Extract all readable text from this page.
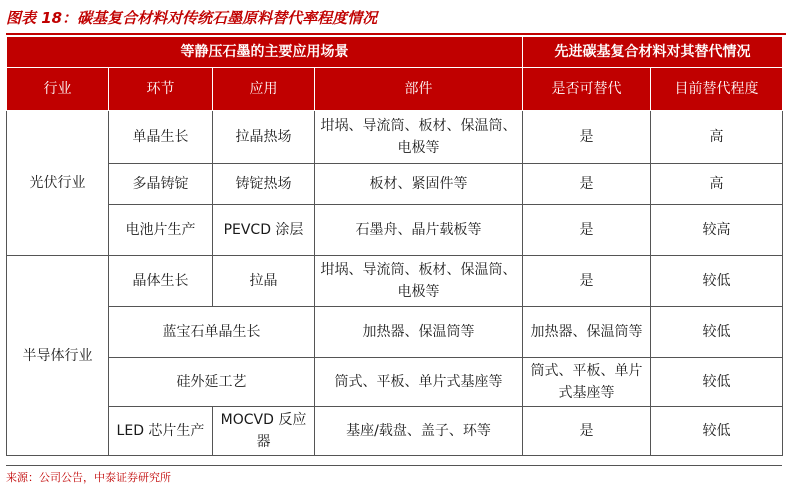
图表 18：碳基复合材料对传统石墨原料替代率程度情况
等静压石墨的主要应用场景				先进碳基复合材料对其替代情况	
行业	环节	应用	部件	是否可替代	目前替代程度
光伏行业	单晶生长	拉晶热场	坩埚、导流筒、板材、保温筒、电极等	是	高
	多晶铸锭	铸锭热场	板材、紧固件等	是	高
	电池片生产	PEVCD 涂层	石墨舟、晶片载板等	是	较高
半导体行业	晶体生长	拉晶	坩埚、导流筒、板材、保温筒、电极等	是	较低
	蓝宝石单晶生长		加热器、保温筒等	加热器、保温筒等	较低
	硅外延工艺		筒式、平板、单片式基座等	筒式、平板、单片式基座等	较低
	LED 芯片生产	MOCVD 反应器	基座/载盘、盖子、环等	是	较低
来源：公司公告，中泰证券研究所
